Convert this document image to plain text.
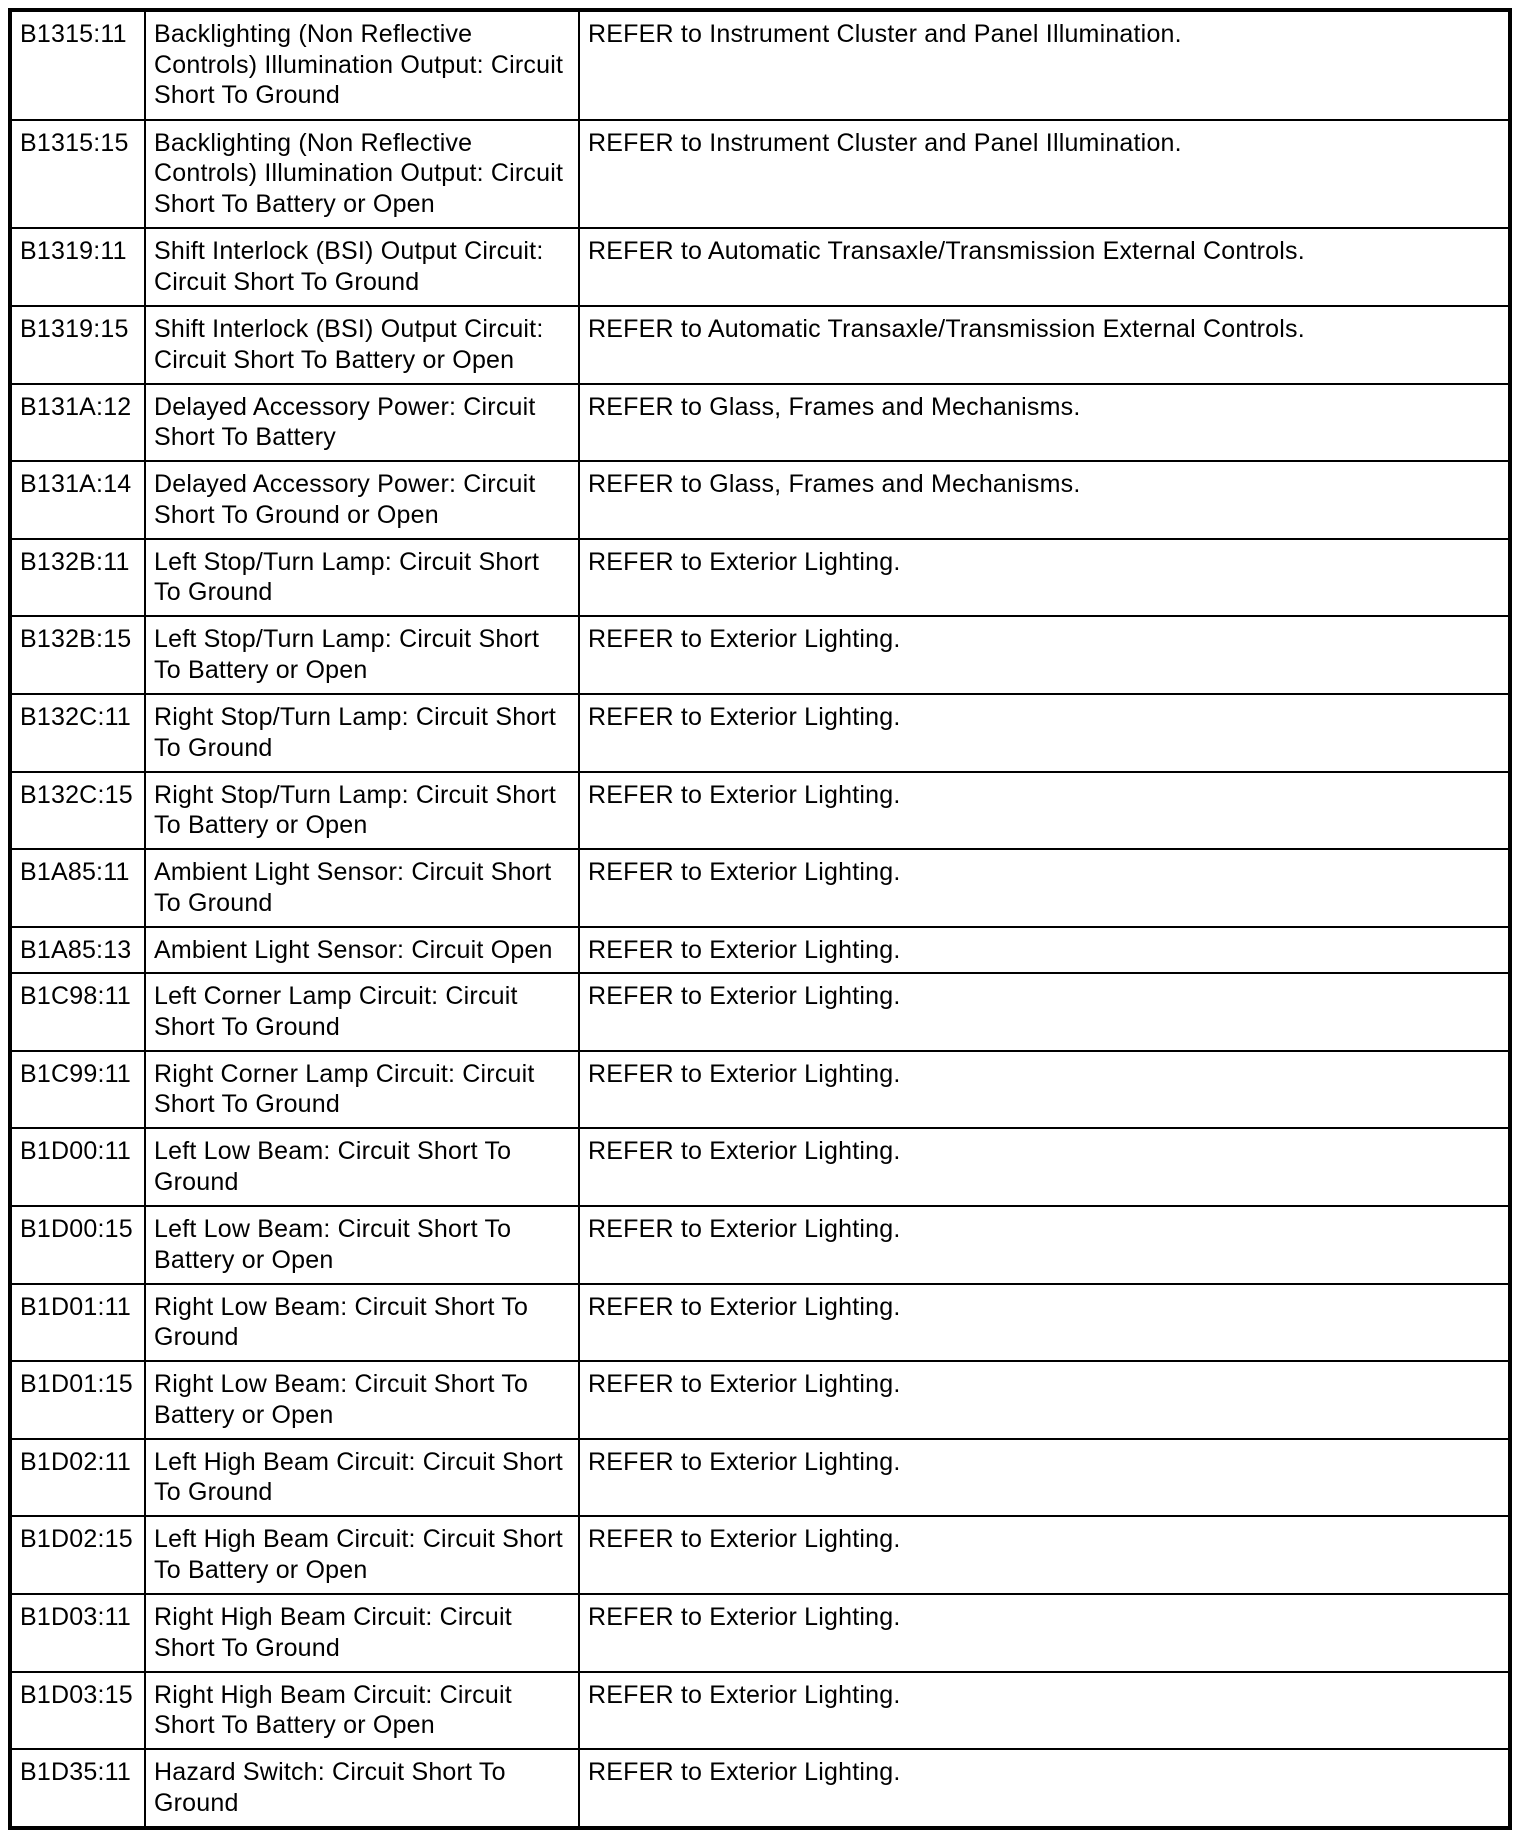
B1315:11	Backlighting (Non Reflective Controls) Illumination Output: Circuit Short To Ground	REFER to Instrument Cluster and Panel Illumination.
B1315:15	Backlighting (Non Reflective Controls) Illumination Output: Circuit Short To Battery or Open	REFER to Instrument Cluster and Panel Illumination.
B1319:11	Shift Interlock (BSI) Output Circuit: Circuit Short To Ground	REFER to Automatic Transaxle/Transmission External Controls.
B1319:15	Shift Interlock (BSI) Output Circuit: Circuit Short To Battery or Open	REFER to Automatic Transaxle/Transmission External Controls.
B131A:12	Delayed Accessory Power: Circuit Short To Battery	REFER to Glass, Frames and Mechanisms.
B131A:14	Delayed Accessory Power: Circuit Short To Ground or Open	REFER to Glass, Frames and Mechanisms.
B132B:11	Left Stop/Turn Lamp: Circuit Short To Ground	REFER to Exterior Lighting.
B132B:15	Left Stop/Turn Lamp: Circuit Short To Battery or Open	REFER to Exterior Lighting.
B132C:11	Right Stop/Turn Lamp: Circuit Short To Ground	REFER to Exterior Lighting.
B132C:15	Right Stop/Turn Lamp: Circuit Short To Battery or Open	REFER to Exterior Lighting.
B1A85:11	Ambient Light Sensor: Circuit Short To Ground	REFER to Exterior Lighting.
B1A85:13	Ambient Light Sensor: Circuit Open	REFER to Exterior Lighting.
B1C98:11	Left Corner Lamp Circuit: Circuit Short To Ground	REFER to Exterior Lighting.
B1C99:11	Right Corner Lamp Circuit: Circuit Short To Ground	REFER to Exterior Lighting.
B1D00:11	Left Low Beam: Circuit Short To Ground	REFER to Exterior Lighting.
B1D00:15	Left Low Beam: Circuit Short To Battery or Open	REFER to Exterior Lighting.
B1D01:11	Right Low Beam: Circuit Short To Ground	REFER to Exterior Lighting.
B1D01:15	Right Low Beam: Circuit Short To Battery or Open	REFER to Exterior Lighting.
B1D02:11	Left High Beam Circuit: Circuit Short To Ground	REFER to Exterior Lighting.
B1D02:15	Left High Beam Circuit: Circuit Short To Battery or Open	REFER to Exterior Lighting.
B1D03:11	Right High Beam Circuit: Circuit Short To Ground	REFER to Exterior Lighting.
B1D03:15	Right High Beam Circuit: Circuit Short To Battery or Open	REFER to Exterior Lighting.
B1D35:11	Hazard Switch: Circuit Short To Ground	REFER to Exterior Lighting.
